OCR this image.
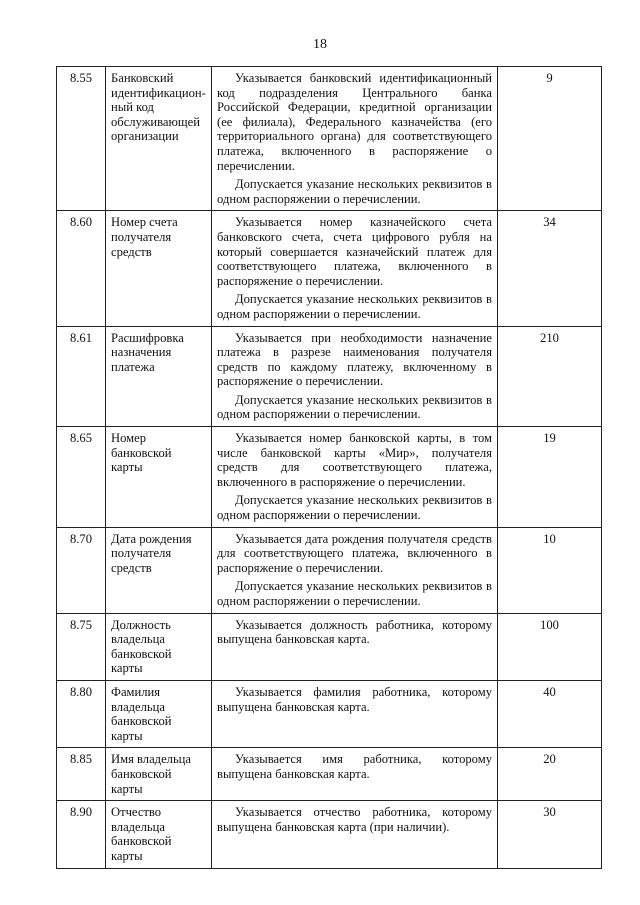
18
8.55	Банковский идентификацион-ный код обслуживающей организации	Указывается банковский идентификационный код подразделения Центрального банка Российской Федерации, кредитной организации (ее филиала), Федерального казначейства (его территориального органа) для соответствующего платежа, включенного в распоряжение о перечислении.

Допускается указание нескольких реквизитов в одном распоряжении о перечислении.	9
8.60	Номер счета получателя средств	Указывается номер казначейского счета банковского счета, счета цифрового рубля на который совершается казначейский платеж для соответствующего платежа, включенного в распоряжение о перечислении.

Допускается указание нескольких реквизитов в одном распоряжении о перечислении.	34
8.61	Расшифровка назначения платежа	Указывается при необходимости назначение платежа в разрезе наименования получателя средств по каждому платежу, включенному в распоряжение о перечислении.

Допускается указание нескольких реквизитов в одном распоряжении о перечислении.	210
8.65	Номер банковской карты	Указывается номер банковской карты, в том числе банковской карты «Мир», получателя средств для соответствующего платежа, включенного в распоряжение о перечислении.

Допускается указание нескольких реквизитов в одном распоряжении о перечислении.	19
8.70	Дата рождения получателя средств	Указывается дата рождения получателя средств для соответствующего платежа, включенного в распоряжение о перечислении.

Допускается указание нескольких реквизитов в одном распоряжении о перечислении.	10
8.75	Должность владельца банковской карты	Указывается должность работника, которому выпущена банковская карта.	100
8.80	Фамилия владельца банковской карты	Указывается фамилия работника, которому выпущена банковская карта.	40
8.85	Имя владельца банковской карты	Указывается имя работника, которому выпущена банковская карта.	20
8.90	Отчество владельца банковской карты	Указывается отчество работника, которому выпущена банковская карта (при наличии).	30
